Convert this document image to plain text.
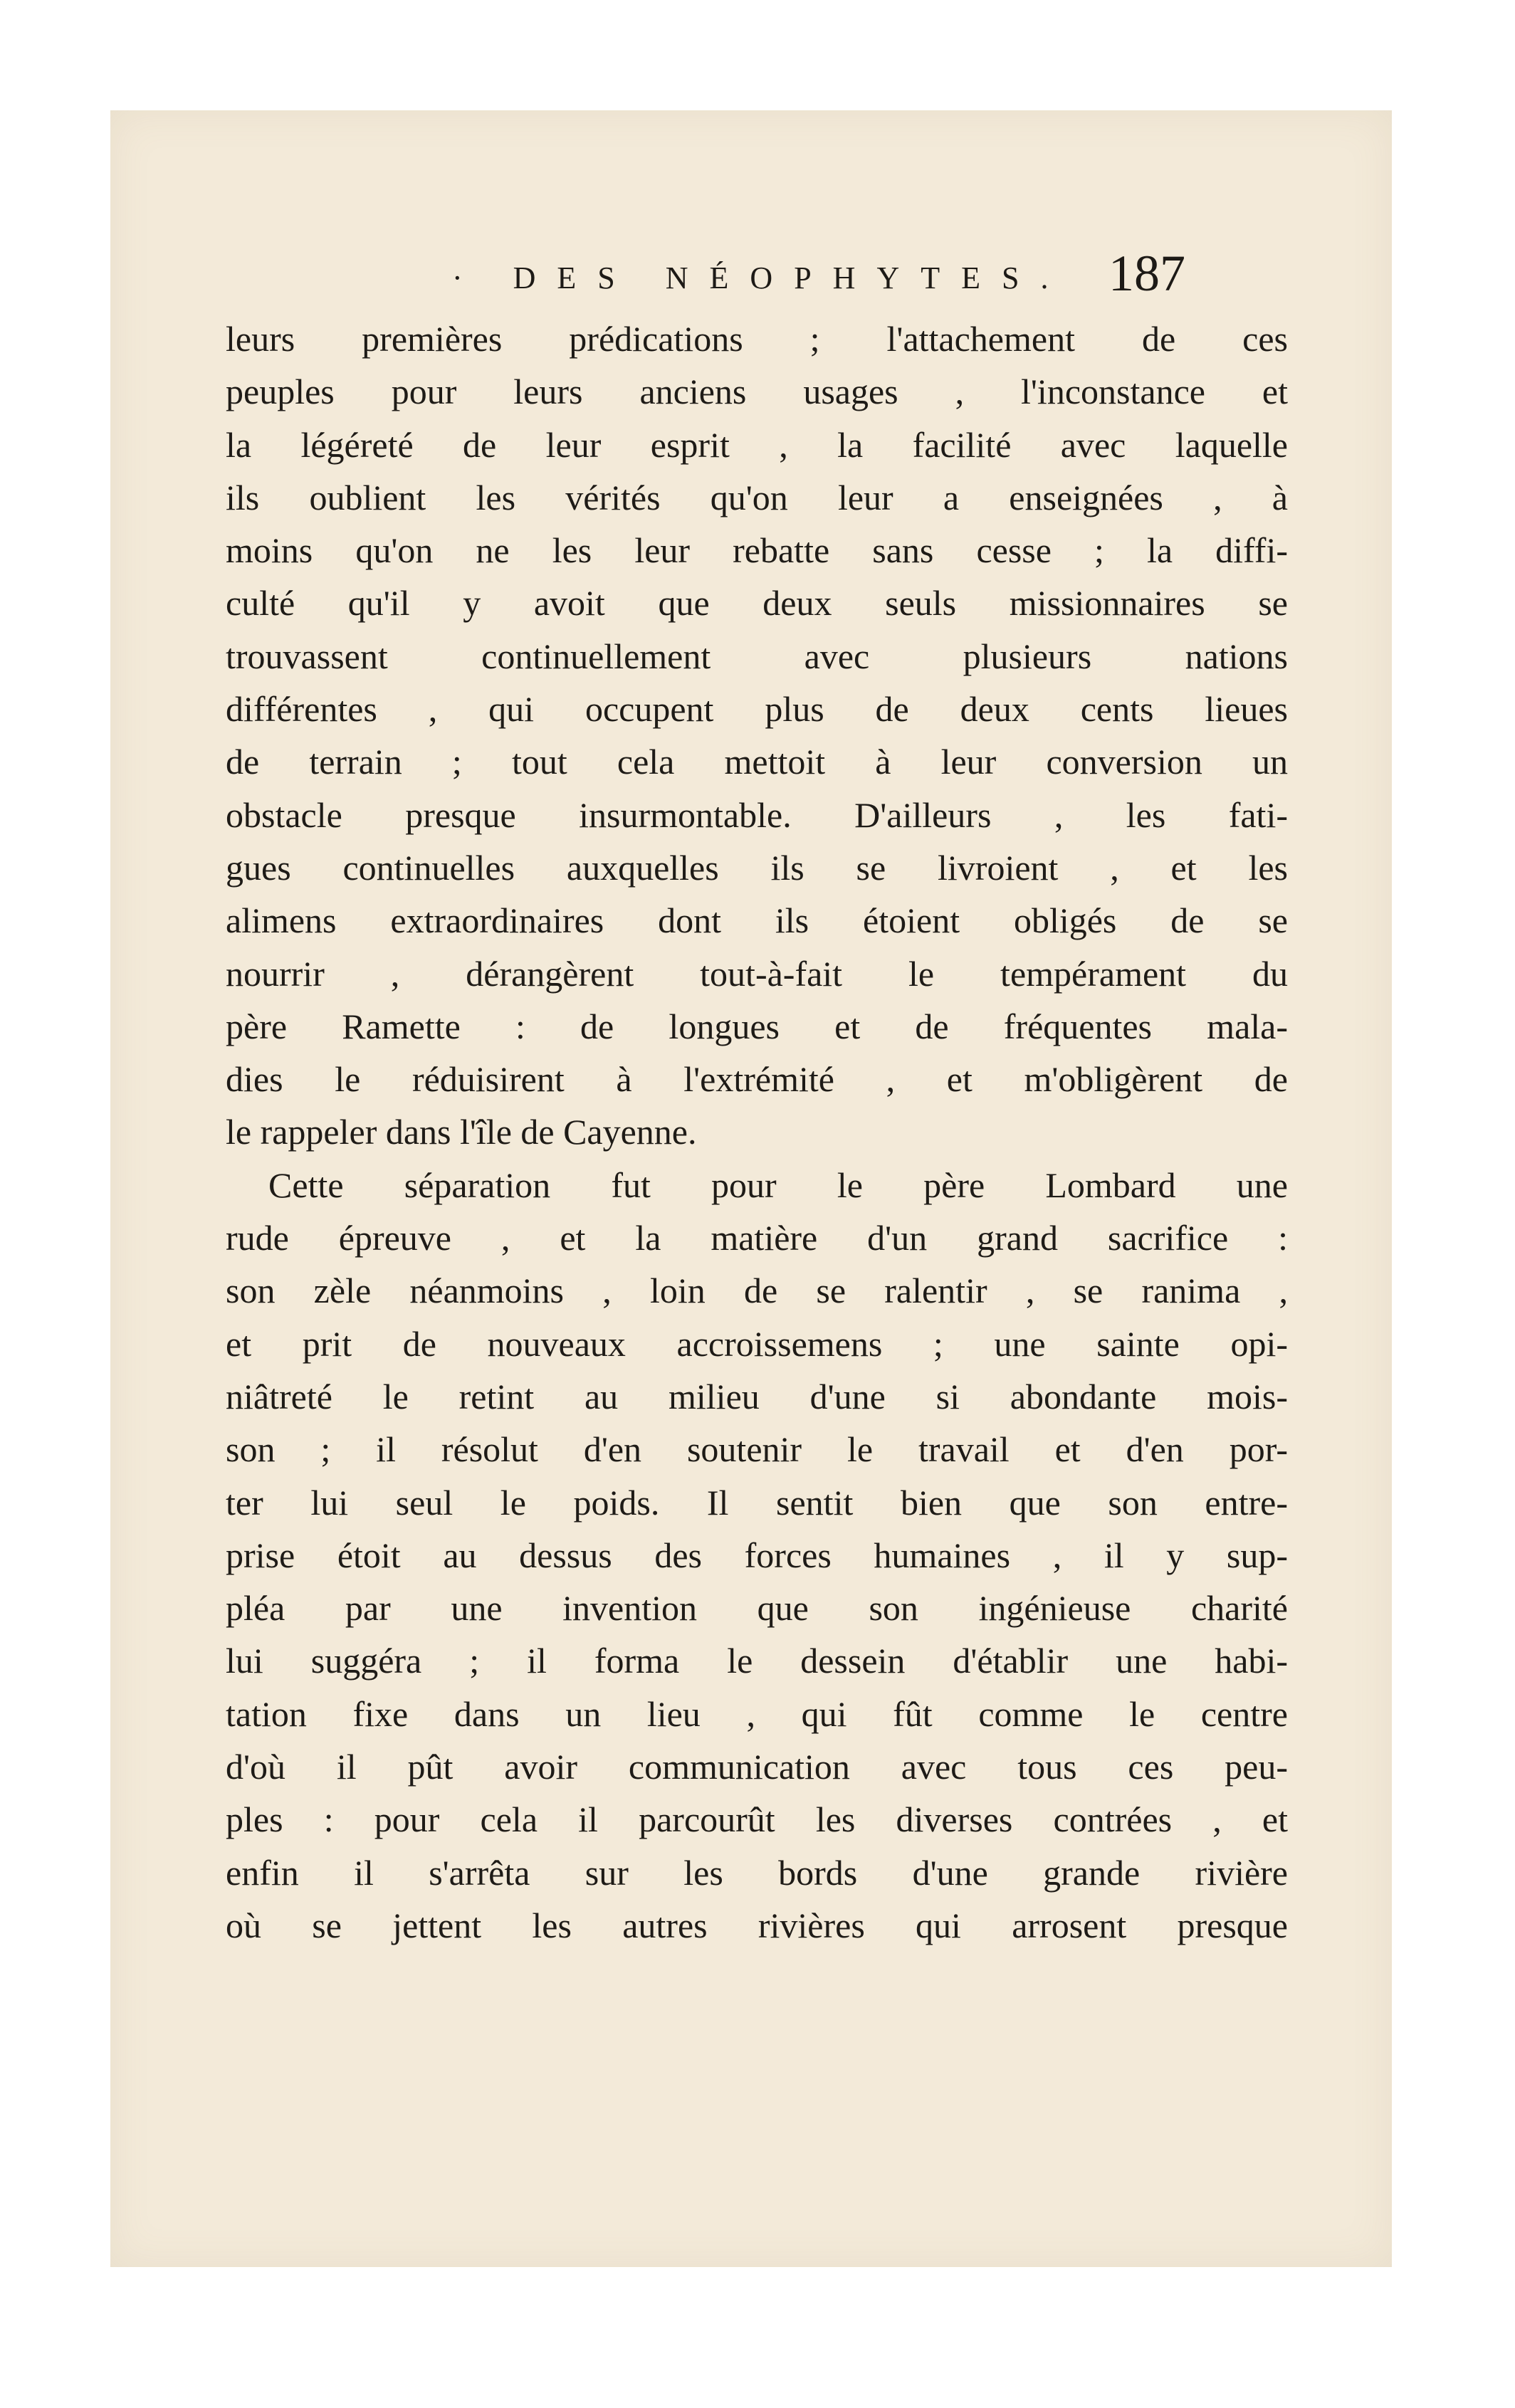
· DES NÉOPHYTES. 187
leurs premières prédications ; l'attachement de ces
peuples pour leurs anciens usages , l'inconstance et
la légéreté de leur esprit , la facilité avec laquelle
ils oublient les vérités qu'on leur a enseignées , à
moins qu'on ne les leur rebatte sans cesse ; la diffi-
culté qu'il y avoit que deux seuls missionnaires se
trouvassent continuellement avec plusieurs nations
différentes , qui occupent plus de deux cents lieues
de terrain ; tout cela mettoit à leur conversion un
obstacle presque insurmontable. D'ailleurs , les fati-
gues continuelles auxquelles ils se livroient , et les
alimens extraordinaires dont ils étoient obligés de se
nourrir , dérangèrent tout-à-fait le tempérament du
père Ramette : de longues et de fréquentes mala-
dies le réduisirent à l'extrémité , et m'obligèrent de
le rappeler dans l'île de Cayenne.
Cette séparation fut pour le père Lombard une
rude épreuve , et la matière d'un grand sacrifice :
son zèle néanmoins , loin de se ralentir , se ranima ,
et prit de nouveaux accroissemens ; une sainte opi-
niâtreté le retint au milieu d'une si abondante mois-
son ; il résolut d'en soutenir le travail et d'en por-
ter lui seul le poids. Il sentit bien que son entre-
prise étoit au dessus des forces humaines , il y sup-
pléa par une invention que son ingénieuse charité
lui suggéra ; il forma le dessein d'établir une habi-
tation fixe dans un lieu , qui fût comme le centre
d'où il pût avoir communication avec tous ces peu-
ples : pour cela il parcourût les diverses contrées , et
enfin il s'arrêta sur les bords d'une grande rivière
où se jettent les autres rivières qui arrosent presque
